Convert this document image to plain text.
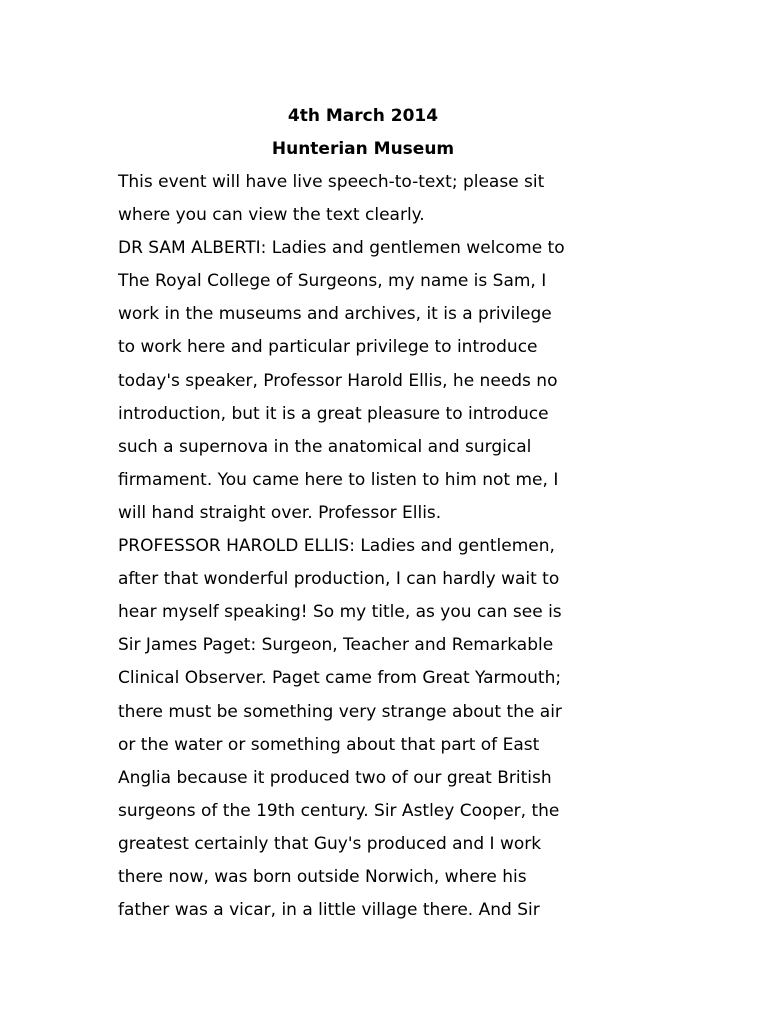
4th March 2014
Hunterian Museum
This event will have live speech-to-text; please sit
where you can view the text clearly.
DR SAM ALBERTI: Ladies and gentlemen welcome to
The Royal College of Surgeons, my name is Sam, I
work in the museums and archives, it is a privilege
to work here and particular privilege to introduce
today's speaker, Professor Harold Ellis, he needs no
introduction, but it is a great pleasure to introduce
such a supernova in the anatomical and surgical
firmament. You came here to listen to him not me, I
will hand straight over. Professor Ellis.
PROFESSOR HAROLD ELLIS: Ladies and gentlemen,
after that wonderful production, I can hardly wait to
hear myself speaking! So my title, as you can see is
Sir James Paget: Surgeon, Teacher and Remarkable
Clinical Observer. Paget came from Great Yarmouth;
there must be something very strange about the air
or the water or something about that part of East
Anglia because it produced two of our great British
surgeons of the 19th century. Sir Astley Cooper, the
greatest certainly that Guy's produced and I work
there now, was born outside Norwich, where his
father was a vicar, in a little village there. And Sir
